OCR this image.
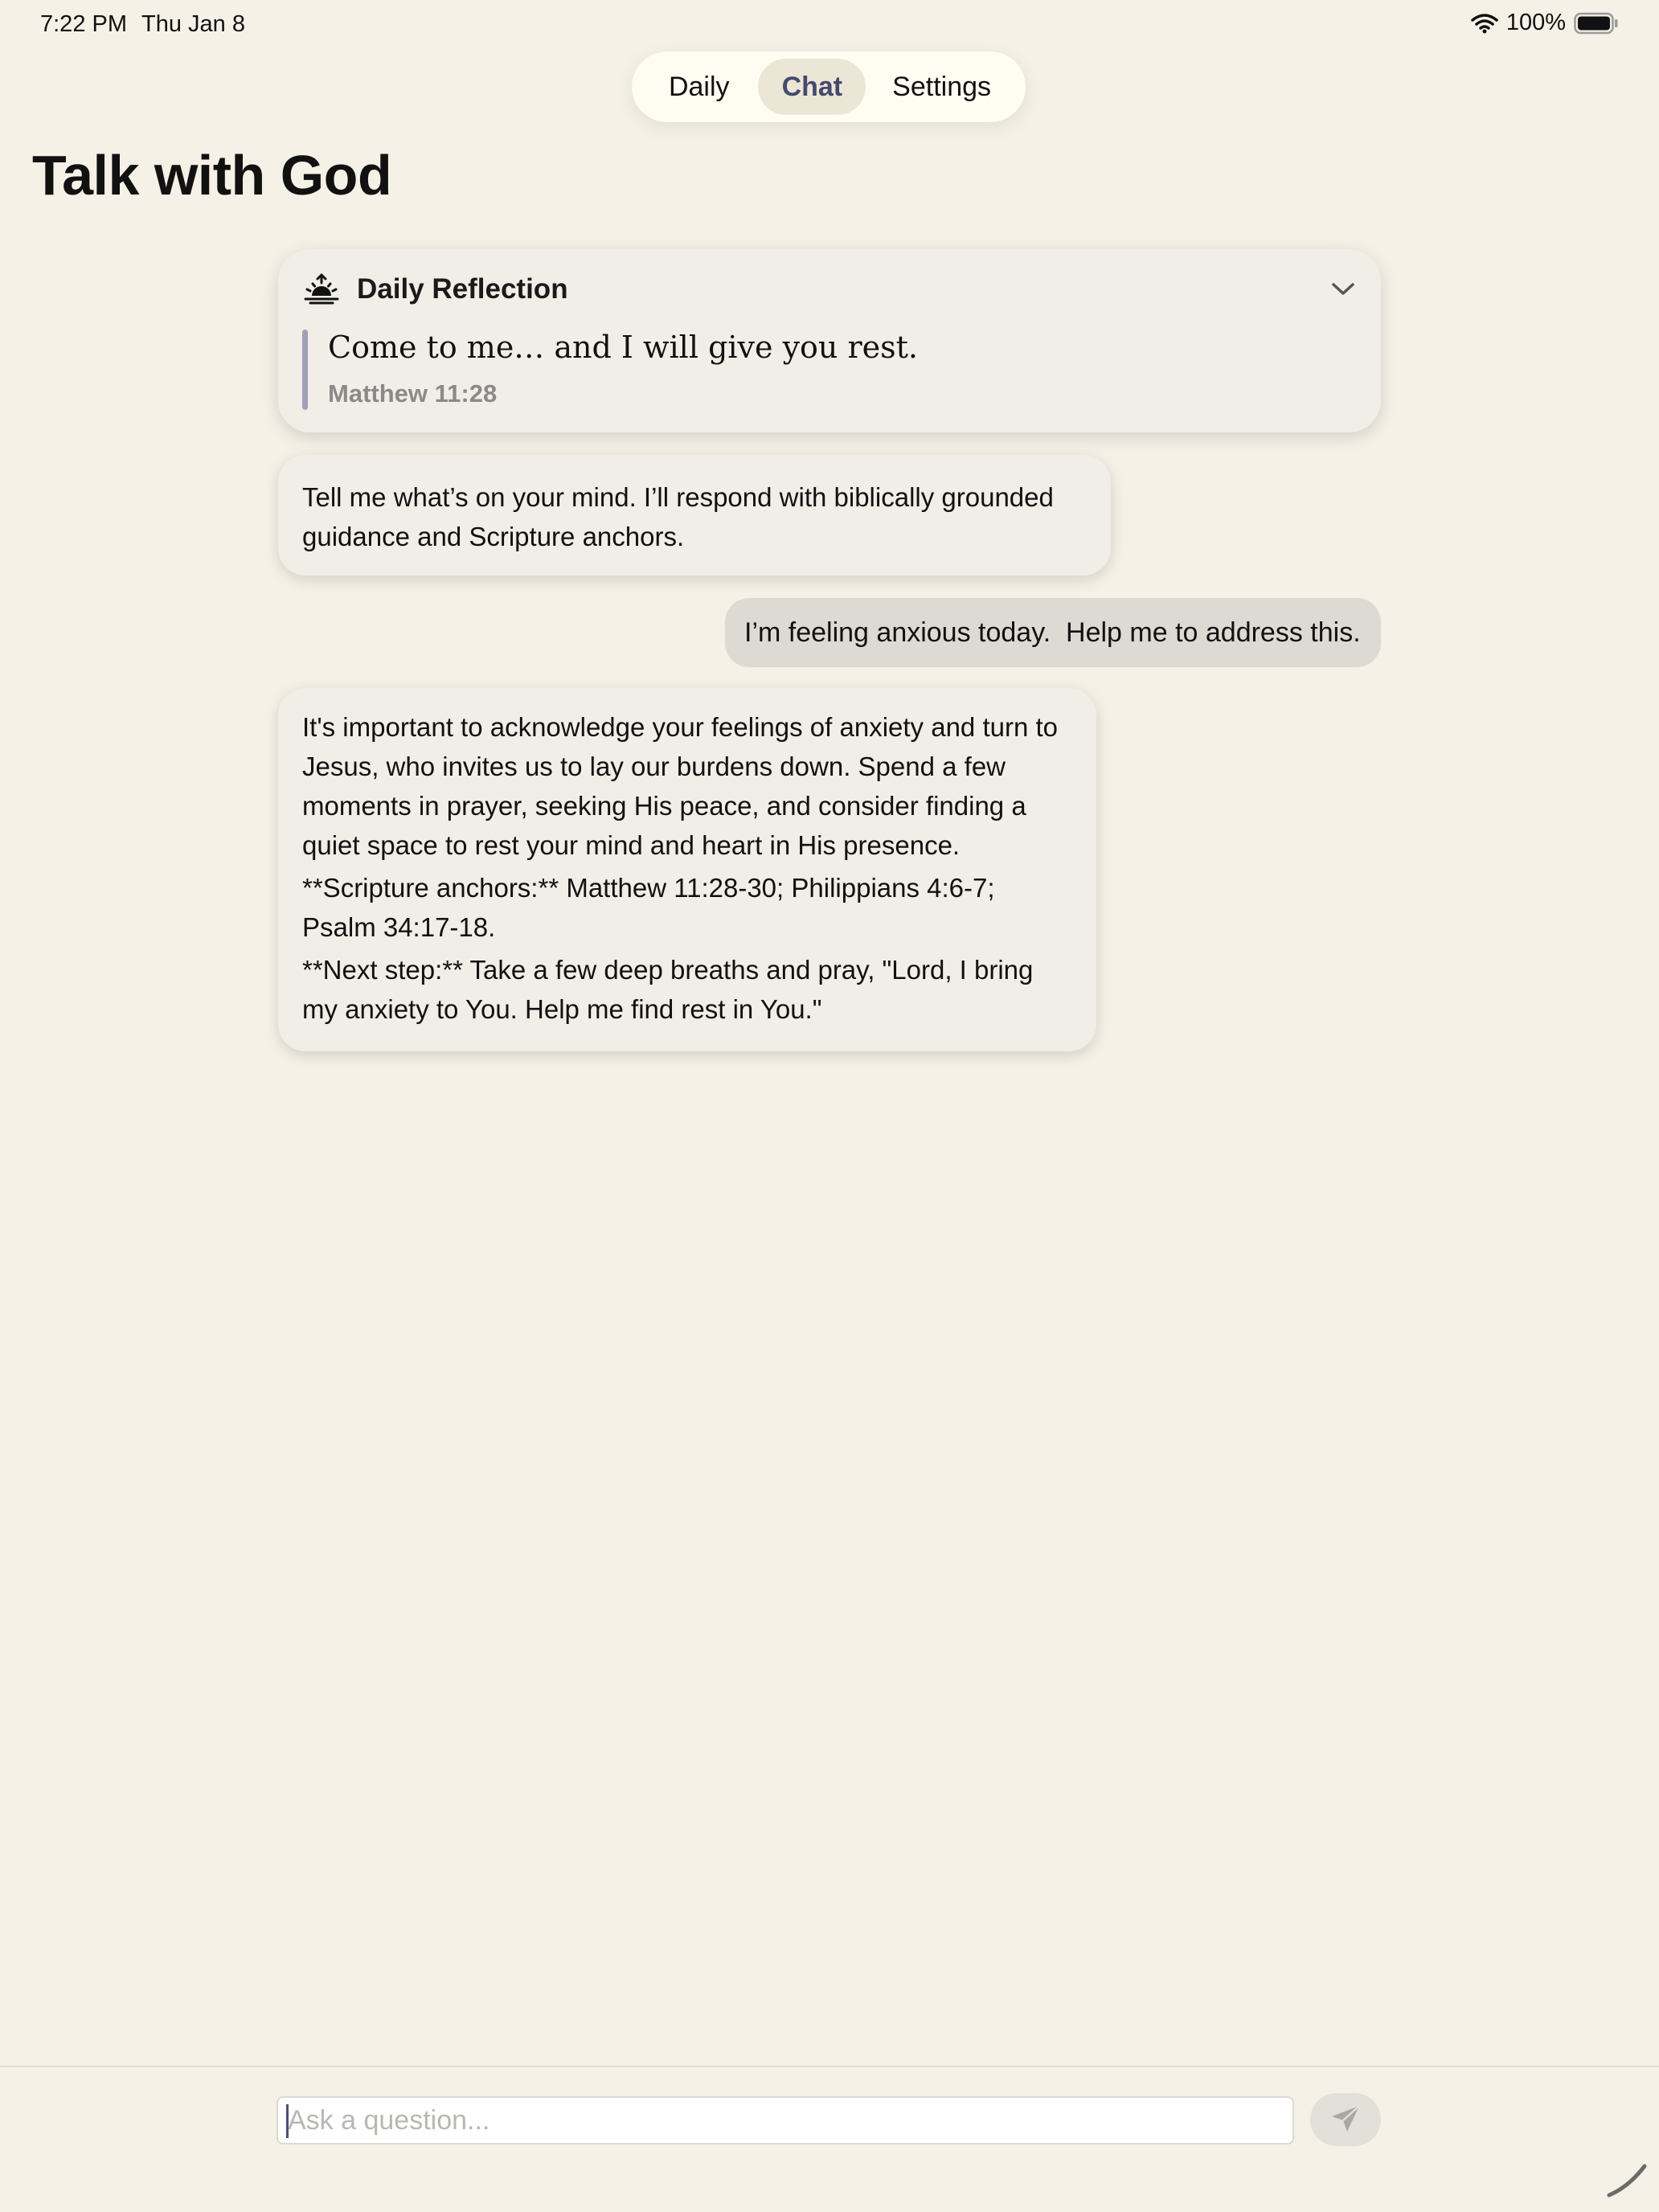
7:22 PM Thu Jan 8	100%
Daily	Chat	Settings
Talk with God
Daily Reflection
Come to me… and I will give you rest.
Matthew 11:28
Tell me what’s on your mind. I’ll respond with biblically grounded guidance and Scripture anchors.
I’m feeling anxious today.  Help me to address this.

It's important to acknowledge your feelings of anxiety and turn to Jesus, who invites us to lay our burdens down. Spend a few moments in prayer, seeking His peace, and consider finding a quiet space to rest your mind and heart in His presence.

**Scripture anchors:** Matthew 11:28-30; Philippians 4:6-7; Psalm 34:17-18.

**Next step:** Take a few deep breaths and pray, "Lord, I bring my anxiety to You. Help me find rest in You."

Ask a question...
